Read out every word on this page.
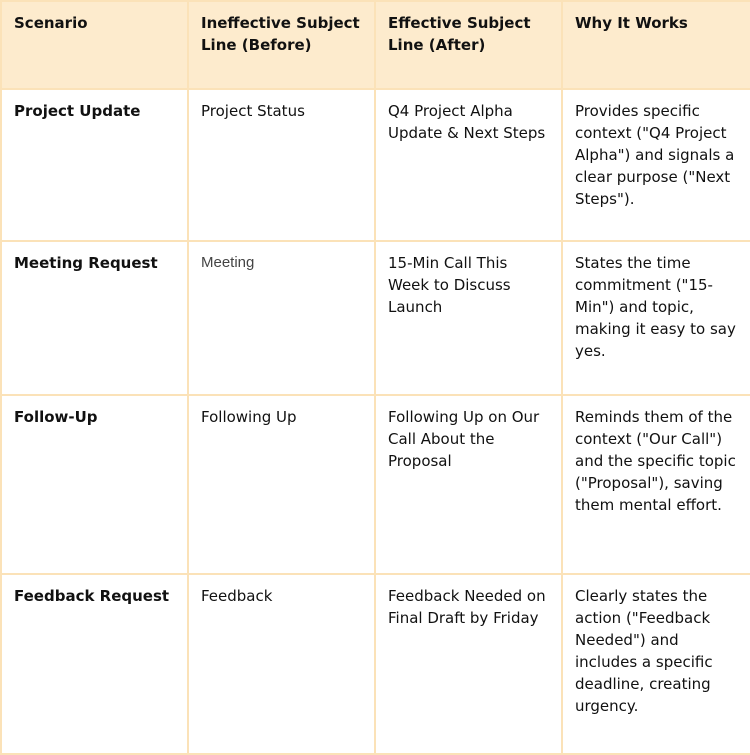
Scenario	Ineffective Subject Line (Before)	Effective Subject Line (After)	Why It Works
Project Update	Project Status	Q4 Project Alpha Update & Next Steps	Provides specific context ("Q4 Project Alpha") and signals a clear purpose ("Next Steps").
Meeting Request	Meeting	15-Min Call This Week to Discuss Launch	States the time commitment ("15-Min") and topic, making it easy to say yes.
Follow-Up	Following Up	Following Up on Our Call About the Proposal	Reminds them of the context ("Our Call") and the specific topic ("Proposal"), saving them mental effort.
Feedback Request	Feedback	Feedback Needed on Final Draft by Friday	Clearly states the action ("Feedback Needed") and includes a specific deadline, creating urgency.
